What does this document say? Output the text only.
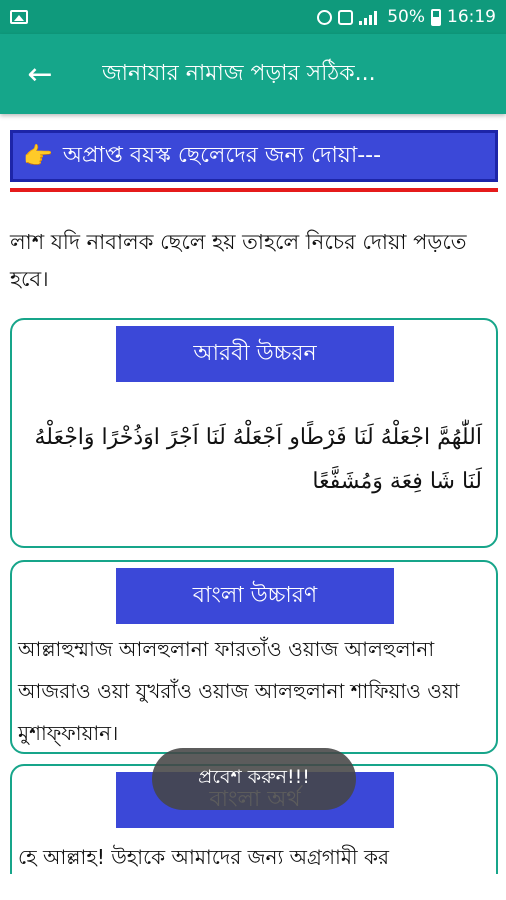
50% 16:19
← জানাযার নামাজ পড়ার সঠিক...
👉 অপ্রাপ্ত বয়স্ক ছেলেদের জন্য দোয়া---
লাশ যদি নাবালক ছেলে হয় তাহলে নিচের দোয়া পড়তে হবে।
আরবী উচ্চরন
اَللّٰهُمَّ اجْعَلْهُ لَنَا فَرْطًاو اَجْعَلْهُ لَنَا اَجْرً اوَذُخْرًا وَاجْعَلْهُ لَنَا شَا فِعَة وَمُشَفَّعًا
বাংলা উচ্চারণ
আল্লাহুম্মাজ আলহুলানা ফারতাঁও ওয়াজ আলহুলানা আজরাও ওয়া যুখরাঁও ওয়াজ আলহুলানা শাফিয়াও ওয়া মুশাফ্ফায়ান।
হে আল্লাহ! উহাকে আমাদের জন্য অগ্রগামী কর
প্রবেশ করুন!!!
